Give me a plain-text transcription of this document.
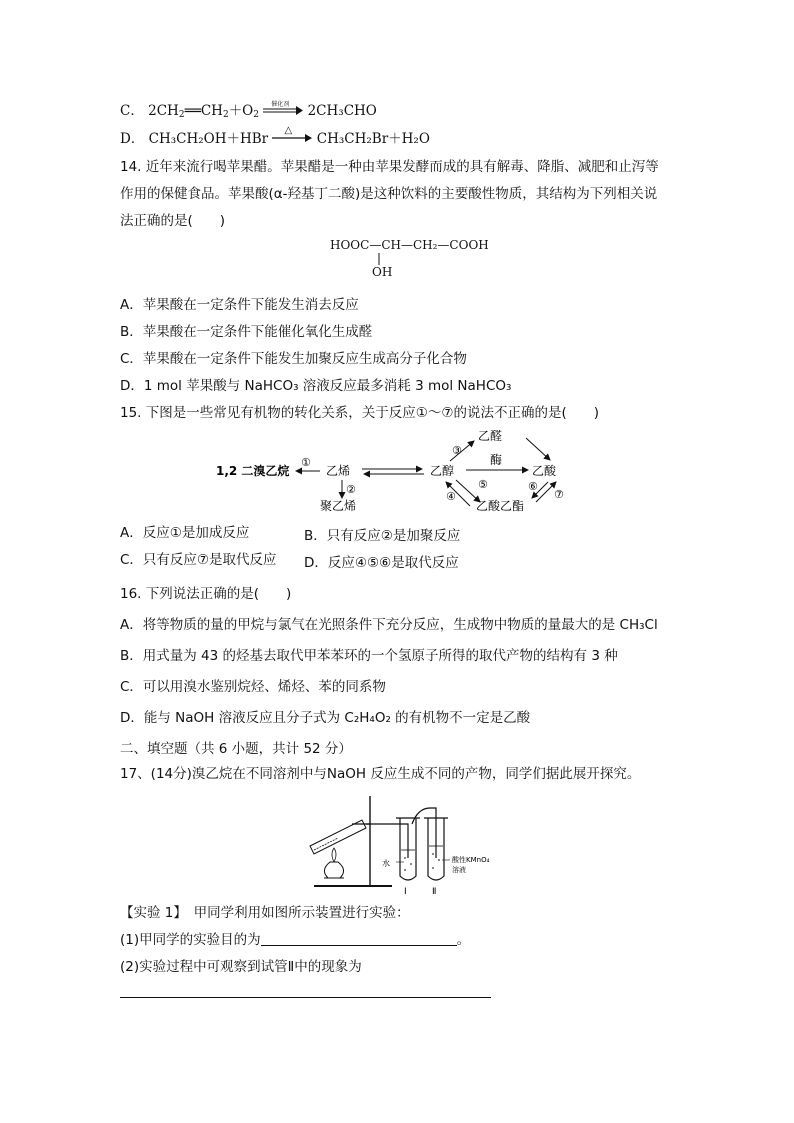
C． $2CH_2══CH_2+O_2$
催化剂 2CH₃CHO
D． CH₃CH₂OH＋HBr
△
CH₃CH₂Br＋H₂O
14. 近年来流行喝苹果醋。苹果醋是一种由苹果发酵而成的具有解毒、降脂、减肥和止泻等
作用的保健食品。苹果酸(α-羟基丁二酸)是这种饮料的主要酸性物质，其结构为下列相关说
法正确的是(　　)
HOOC—CH—CH₂—COOH
OH
A．苹果酸在一定条件下能发生消去反应
B．苹果酸在一定条件下能催化氧化生成醛
C．苹果酸在一定条件下能发生加聚反应生成高分子化合物
D．1 mol 苹果酸与 NaHCO₃ 溶液反应最多消耗 3 mol NaHCO₃
15. 下图是一些常见有机物的转化关系，关于反应①～⑦的说法不正确的是(　　)
1,2 二溴乙烷
①
乙烯
②
聚乙烯
乙醇
③
乙醛
酶
乙酸
④
⑤
乙酸乙酯
⑥
⑦
A．反应①是加成反应	B．只有反应②是加聚反应
C．只有反应⑦是取代反应 D．反应④⑤⑥是取代反应
16. 下列说法正确的是(　　)
A．将等物质的量的甲烷与氯气在光照条件下充分反应，生成物中物质的量最大的是 CH₃Cl
B．用式量为 43 的烃基去取代甲苯苯环的一个氢原子所得的取代产物的结构有 3 种
C．可以用溴水鉴别烷烃、烯烃、苯的同系物
D．能与 NaOH 溶液反应且分子式为 C₂H₄O₂ 的有机物不一定是乙酸
二、填空题（共 6 小题，共计 52 分）
17、(14分)溴乙烷在不同溶剂中与NaOH 反应生成不同的产物，同学们据此展开探究。
水	酸性KMnO₄
溶液
Ⅰ	Ⅱ
【实验 1】　甲同学利用如图所示装置进行实验：
(1)甲同学的实验目的为	。
(2)实验过程中可观察到试管Ⅱ中的现象为
